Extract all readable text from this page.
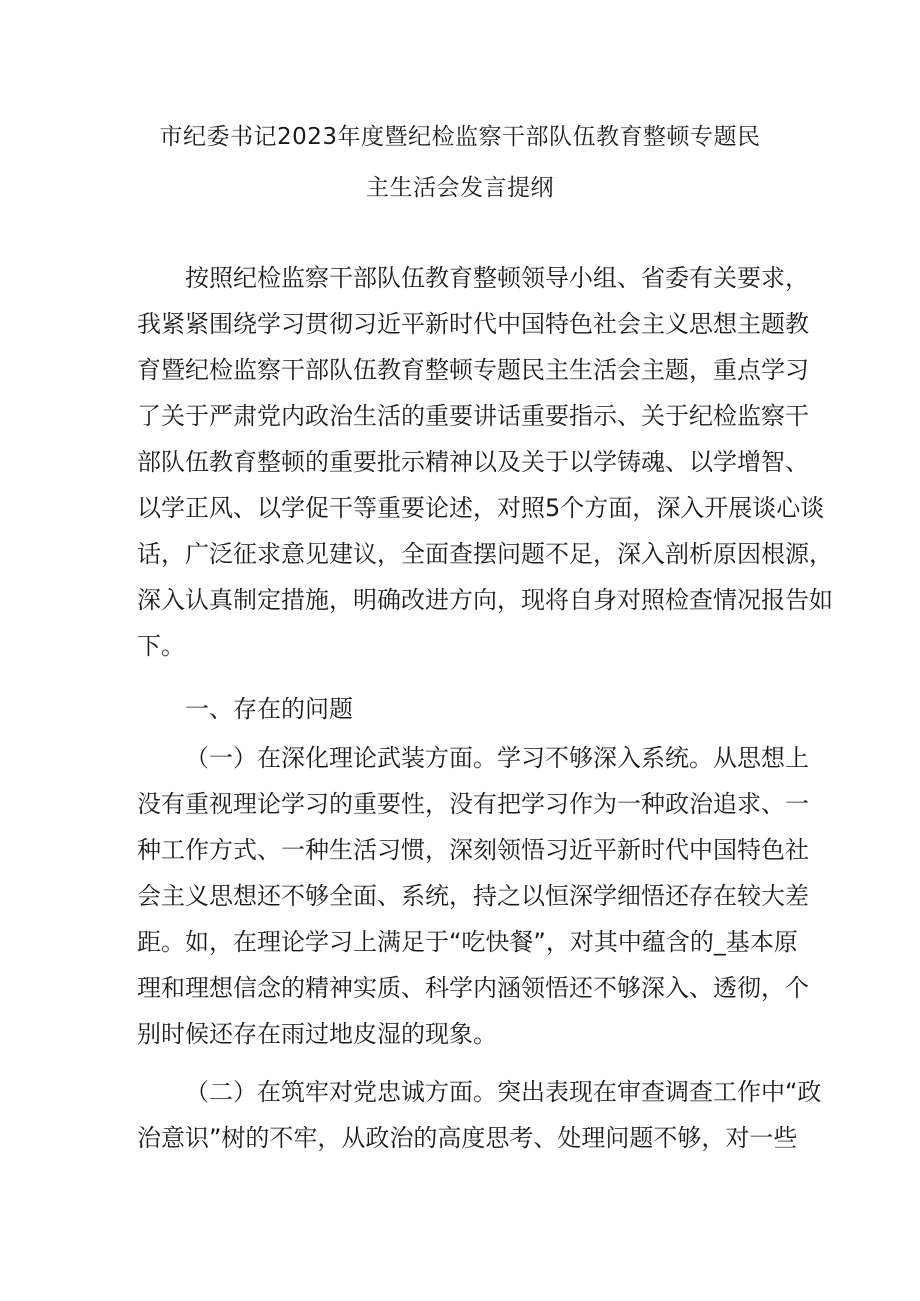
市纪委书记2023年度暨纪检监察干部队伍教育整顿专题民
主生活会发言提纲
按照纪检监察干部队伍教育整顿领导小组、省委有关要求，
我紧紧围绕学习贯彻习近平新时代中国特色社会主义思想主题教
育暨纪检监察干部队伍教育整顿专题民主生活会主题，重点学习
了关于严肃党内政治生活的重要讲话重要指示、关于纪检监察干
部队伍教育整顿的重要批示精神以及关于以学铸魂、以学增智、
以学正风、以学促干等重要论述，对照5个方面，深入开展谈心谈
话，广泛征求意见建议，全面查摆问题不足，深入剖析原因根源，
深入认真制定措施，明确改进方向，现将自身对照检查情况报告如
下。
一、存在的问题
（一）在深化理论武装方面。学习不够深入系统。从思想上
没有重视理论学习的重要性，没有把学习作为一种政治追求、一
种工作方式、一种生活习惯，深刻领悟习近平新时代中国特色社
会主义思想还不够全面、系统，持之以恒深学细悟还存在较大差
距。如，在理论学习上满足于“吃快餐”，对其中蕴含的_基本原
理和理想信念的精神实质、科学内涵领悟还不够深入、透彻，个
别时候还存在雨过地皮湿的现象。
（二）在筑牢对党忠诚方面。突出表现在审查调查工作中“政
治意识”树的不牢，从政治的高度思考、处理问题不够，对一些
